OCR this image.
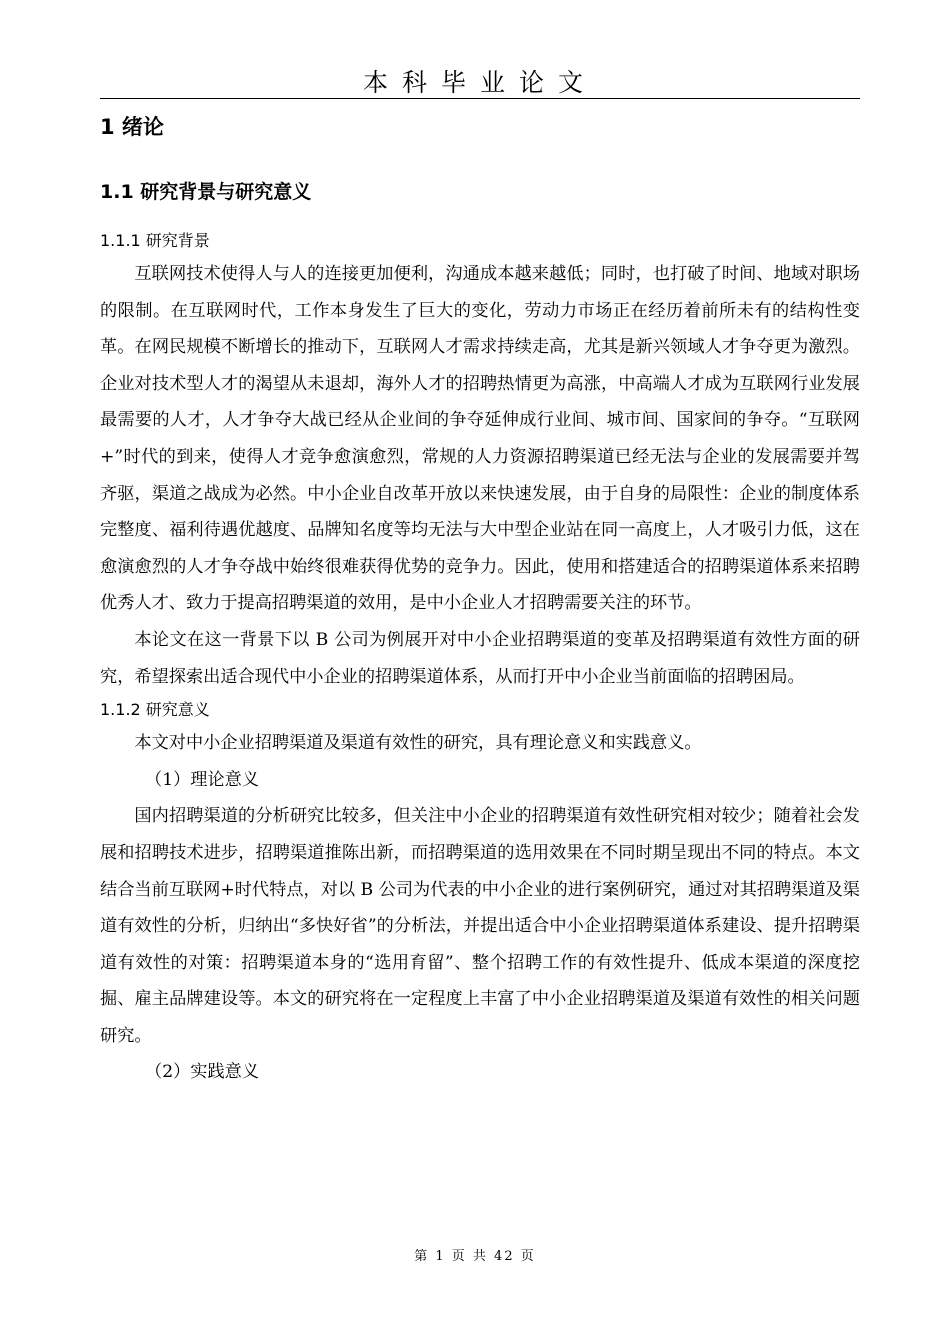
本科毕业论文
1 绪论
1.1 研究背景与研究意义
1.1.1 研究背景

互联网技术使得人与人的连接更加便利，沟通成本越来越低；同时，也打破了时间、地域对职场的限制。在互联网时代，工作本身发生了巨大的变化，劳动力市场正在经历着前所未有的结构性变革。在网民规模不断增长的推动下，互联网人才需求持续走高，尤其是新兴领域人才争夺更为激烈。企业对技术型人才的渴望从未退却，海外人才的招聘热情更为高涨，中高端人才成为互联网行业发展最需要的人才，人才争夺大战已经从企业间的争夺延伸成行业间、城市间、国家间的争夺。“互联网+”时代的到来，使得人才竞争愈演愈烈，常规的人力资源招聘渠道已经无法与企业的发展需要并驾齐驱，渠道之战成为必然。中小企业自改革开放以来快速发展，由于自身的局限性：企业的制度体系完整度、福利待遇优越度、品牌知名度等均无法与大中型企业站在同一高度上，人才吸引力低，这在愈演愈烈的人才争夺战中始终很难获得优势的竞争力。因此，使用和搭建适合的招聘渠道体系来招聘优秀人才、致力于提高招聘渠道的效用，是中小企业人才招聘需要关注的环节。

本论文在这一背景下以 B 公司为例展开对中小企业招聘渠道的变革及招聘渠道有效性方面的研究，希望探索出适合现代中小企业的招聘渠道体系，从而打开中小企业当前面临的招聘困局。

1.1.2 研究意义

本文对中小企业招聘渠道及渠道有效性的研究，具有理论意义和实践意义。

（1）理论意义

国内招聘渠道的分析研究比较多，但关注中小企业的招聘渠道有效性研究相对较少；随着社会发展和招聘技术进步，招聘渠道推陈出新，而招聘渠道的选用效果在不同时期呈现出不同的特点。本文结合当前互联网+时代特点，对以 B 公司为代表的中小企业的进行案例研究，通过对其招聘渠道及渠道有效性的分析，归纳出“多快好省”的分析法，并提出适合中小企业招聘渠道体系建设、提升招聘渠道有效性的对策：招聘渠道本身的“选用育留”、整个招聘工作的有效性提升、低成本渠道的深度挖掘、雇主品牌建设等。本文的研究将在一定程度上丰富了中小企业招聘渠道及渠道有效性的相关问题研究。

（2）实践意义

第 1 页 共 42 页
